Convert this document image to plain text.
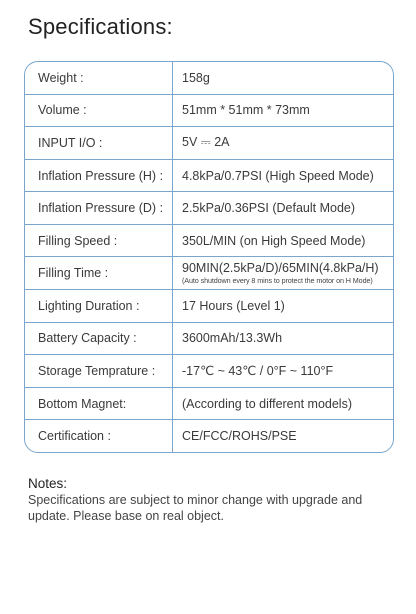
Specifications:
Weight :	158g
Volume :	51mm * 51mm * 73mm
INPUT I/O :	5V ⎓ 2A
Inflation Pressure (H) :	4.8kPa/0.7PSI (High Speed Mode)
Inflation Pressure (D) :	2.5kPa/0.36PSI (Default Mode)
Filling Speed :	350L/MIN (on High Speed Mode)
Filling Time :	90MIN(2.5kPa/D)/65MIN(4.8kPa/H)
(Auto shutdown every 8 mins to protect the motor on H Mode)
Lighting Duration :	17 Hours (Level 1)
Battery Capacity :	3600mAh/13.3Wh
Storage Temprature :	-17℃ ~ 43℃ / 0°F ~ 110°F
Bottom Magnet:	(According to different models)
Certification :	CE/FCC/ROHS/PSE
Notes:
Specifications are subject to minor change with upgrade and update. Please base on real object.
